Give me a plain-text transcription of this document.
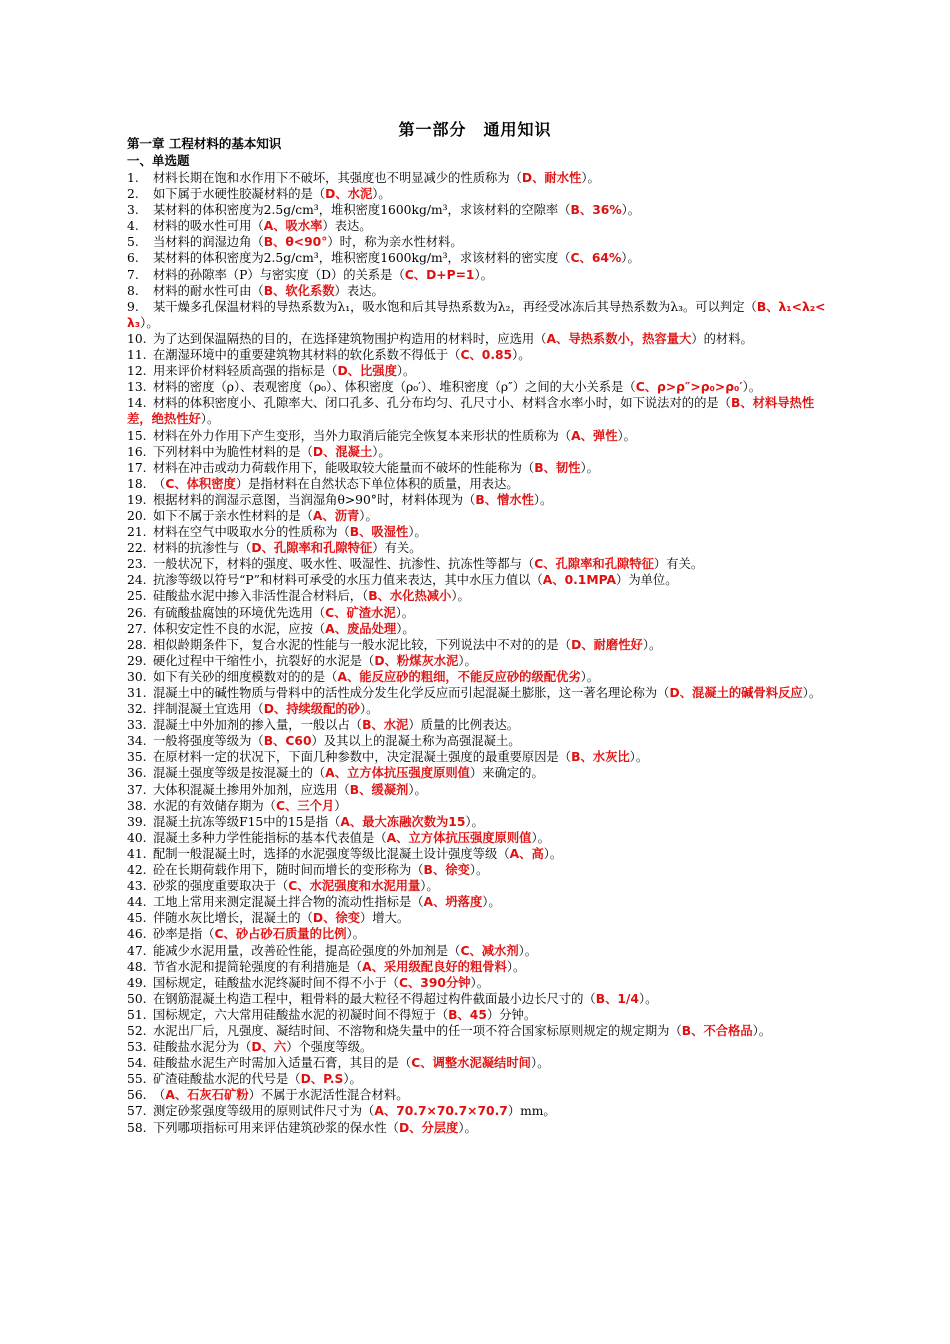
第一部分　通用知识
第一章 工程材料的基本知识
一、单选题
1. 材料长期在饱和水作用下不破坏，其强度也不明显减少的性质称为（D、耐水性）。
2. 如下属于水硬性胶凝材料的是（D、水泥）。
3. 某材料的体积密度为2.5g/cm³，堆积密度1600kg/m³，求该材料的空隙率（B、36%）。
4. 材料的吸水性可用（A、吸水率）表达。
5. 当材料的润湿边角（B、θ<90°）时，称为亲水性材料。
6. 某材料的体积密度为2.5g/cm³，堆积密度1600kg/m³，求该材料的密实度（C、64%）。
7. 材料的孙隙率（P）与密实度（D）的关系是（C、D+P=1）。
8. 材料的耐水性可由（B、软化系数）表达。
9. 某干燥多孔保温材料的导热系数为λ₁，吸水饱和后其导热系数为λ₂，再经受冰冻后其导热系数为λ₃。可以判定（B、λ₁<λ₂<λ₃）。
10. 为了达到保温隔热的目的，在选择建筑物围护构造用的材料时，应选用（A、导热系数小，热容量大）的材料。
11. 在潮湿环境中的重要建筑物其材料的软化系数不得低于（C、0.85）。
12. 用来评价材料轻质高强的指标是（D、比强度）。
13. 材料的密度（ρ）、表观密度（ρ₀）、体积密度（ρ₀′）、堆积密度（ρ″）之间的大小关系是（C、ρ>ρ″>ρ₀>ρ₀′）。
14. 材料的体积密度小、孔隙率大、闭口孔多、孔分布均匀、孔尺寸小、材料含水率小时，如下说法对的的是（B、材料导热性差，绝热性好）。
15. 材料在外力作用下产生变形，当外力取消后能完全恢复本来形状的性质称为（A、弹性）。
16. 下列材料中为脆性材料的是（D、混凝土）。
17. 材料在冲击或动力荷载作用下，能吸取较大能量而不破坏的性能称为（B、韧性）。
18. （C、体积密度）是指材料在自然状态下单位体积的质量，用表达。
19. 根据材料的润湿示意图，当润湿角θ>90°时，材料体现为（B、憎水性）。
20. 如下不属于亲水性材料的是（A、沥青）。
21. 材料在空气中吸取水分的性质称为（B、吸湿性）。
22. 材料的抗渗性与（D、孔隙率和孔隙特征）有关。
23. 一般状况下，材料的强度、吸水性、吸湿性、抗渗性、抗冻性等都与（C、孔隙率和孔隙特征）有关。
24. 抗渗等级以符号“P”和材料可承受的水压力值来表达，其中水压力值以（A、0.1MPA）为单位。
25. 硅酸盐水泥中掺入非活性混合材料后，（B、水化热减小）。
26. 有硫酸盐腐蚀的环境优先选用（C、矿渣水泥）。
27. 体积安定性不良的水泥，应按（A、废品处理）。
28. 相似龄期条件下，复合水泥的性能与一般水泥比较，下列说法中不对的的是（D、耐磨性好）。
29. 硬化过程中干缩性小，抗裂好的水泥是（D、粉煤灰水泥）。
30. 如下有关砂的细度模数对的的是（A、能反应砂的粗细，不能反应砂的级配优劣）。
31. 混凝土中的碱性物质与骨料中的活性成分发生化学反应而引起混凝土膨胀，这一著名理论称为（D、混凝土的碱骨料反应）。
32. 拌制混凝土宜选用（D、持续级配的砂）。
33. 混凝土中外加剂的掺入量，一般以占（B、水泥）质量的比例表达。
34. 一般将强度等级为（B、C60）及其以上的混凝土称为高强混凝土。
35. 在原材料一定的状况下，下面几种参数中，决定混凝土强度的最重要原因是（B、水灰比）。
36. 混凝土强度等级是按混凝土的（A、立方体抗压强度原则值）来确定的。
37. 大体积混凝土掺用外加剂，应选用（B、缓凝剂）。
38. 水泥的有效储存期为（C、三个月）
39. 混凝土抗冻等级F15中的15是指（A、最大冻融次数为15）。
40. 混凝土多种力学性能指标的基本代表值是（A、立方体抗压强度原则值）。
41. 配制一般混凝土时，选择的水泥强度等级比混凝土设计强度等级（A、高）。
42. 砼在长期荷载作用下，随时间而增长的变形称为（B、徐变）。
43. 砂浆的强度重要取决于（C、水泥强度和水泥用量）。
44. 工地上常用来测定混凝土拌合物的流动性指标是（A、坍落度）。
45. 伴随水灰比增长，混凝土的（D、徐变）增大。
46. 砂率是指（C、砂占砂石质量的比例）。
47. 能减少水泥用量，改善砼性能，提高砼强度的外加剂是（C、减水剂）。
48. 节省水泥和提简轮强度的有利措施是（A、采用级配良好的粗骨料）。
49. 国标规定，硅酸盐水泥终凝时间不得不小于（C、390分钟）。
50. 在钢筋混凝土构造工程中，粗骨料的最大粒径不得超过构件截面最小边长尺寸的（B、1/4）。
51. 国标规定，六大常用硅酸盐水泥的初凝时间不得短于（B、45）分钟。
52. 水泥出厂后，凡强度、凝结时间、不溶物和烧失量中的任一项不符合国家标原则规定的规定期为（B、不合格品）。
53. 硅酸盐水泥分为（D、六）个强度等级。
54. 硅酸盐水泥生产时需加入适量石膏，其目的是（C、调整水泥凝结时间）。
55. 矿渣硅酸盐水泥的代号是（D、P.S）。
56. （A、石灰石矿粉）不属于水泥活性混合材料。
57. 测定砂浆强度等级用的原则试件尺寸为（A、70.7×70.7×70.7）mm。
58. 下列哪项指标可用来评估建筑砂浆的保水性（D、分层度）。
